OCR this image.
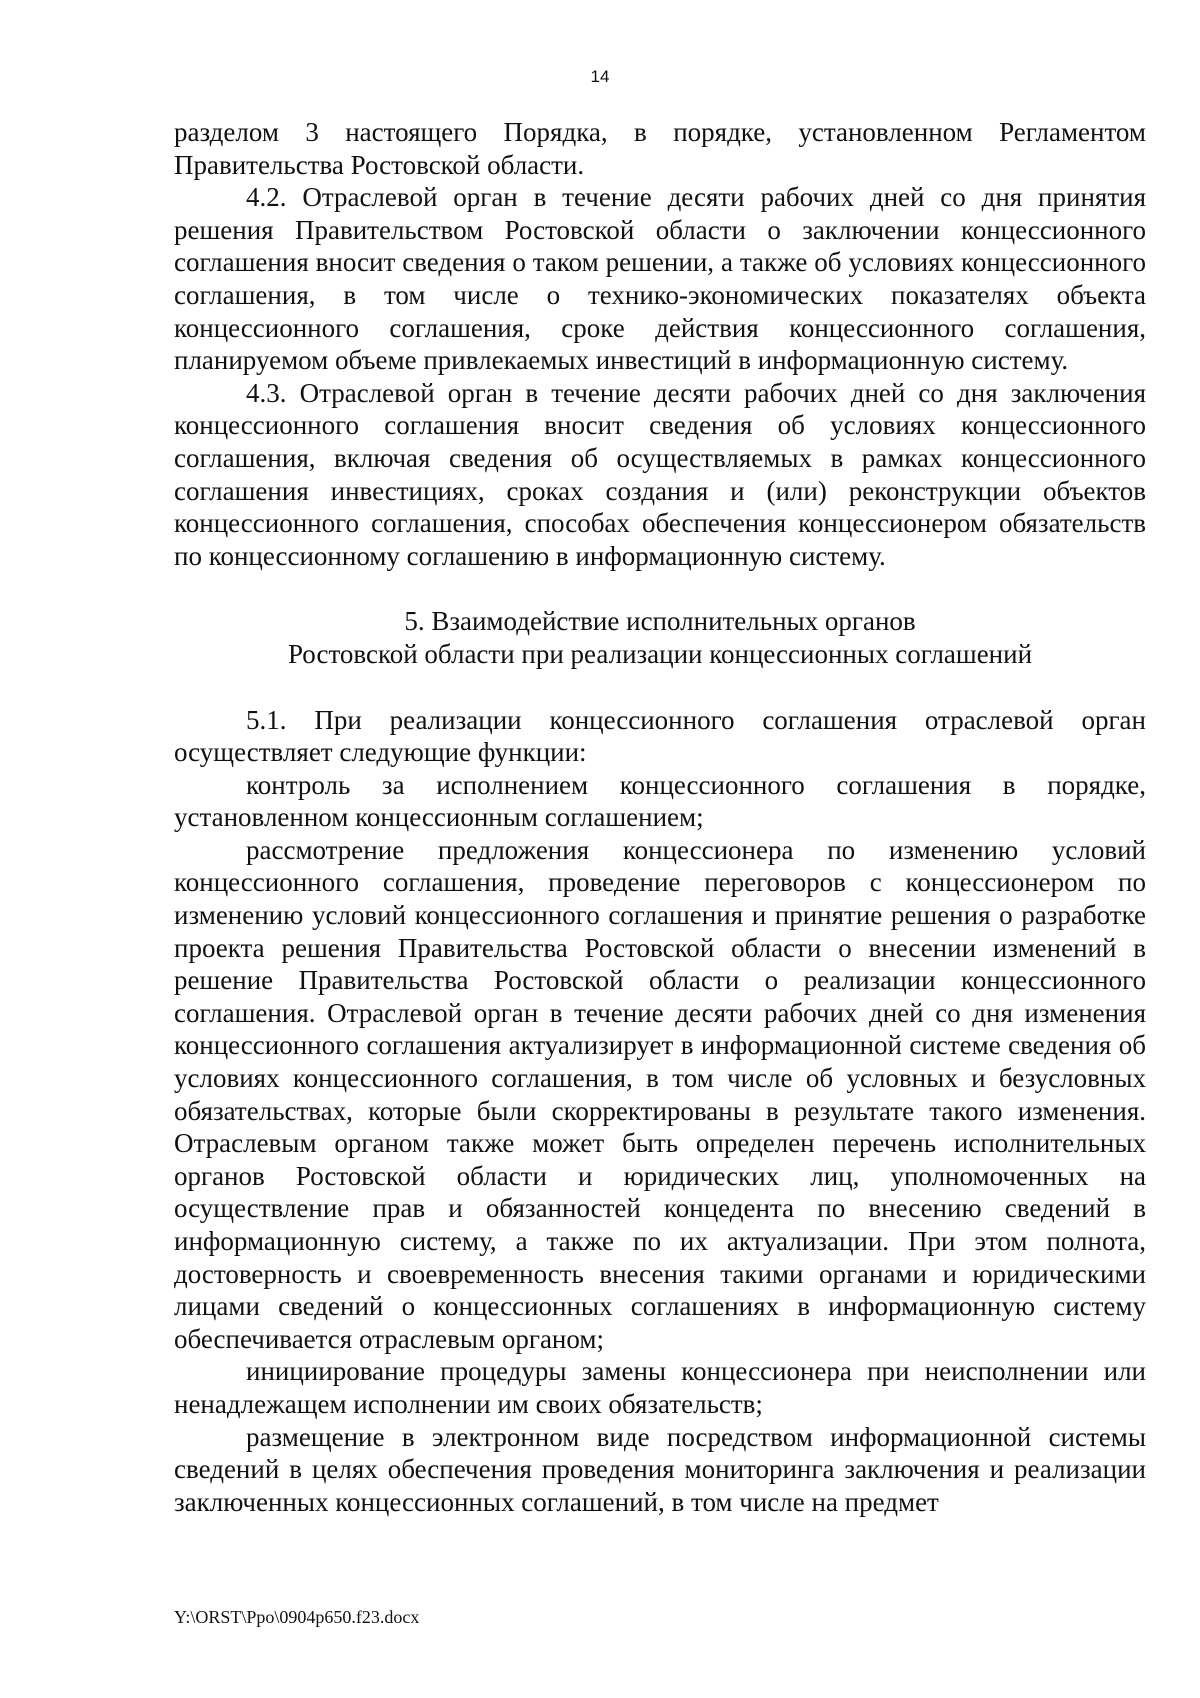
14

разделом 3 настоящего Порядка, в порядке, установленном Регламентом Правительства Ростовской области.

4.2. Отраслевой орган в течение десяти рабочих дней со дня принятия решения Правительством Ростовской области о заключении концессионного соглашения вносит сведения о таком решении, а также об условиях концессионного соглашения, в том числе о технико-экономических показателях объекта концессионного соглашения, сроке действия концессионного соглашения, планируемом объеме привлекаемых инвестиций в информационную систему.

4.3. Отраслевой орган в течение десяти рабочих дней со дня заключения концессионного соглашения вносит сведения об условиях концессионного соглашения, включая сведения об осуществляемых в рамках концессионного соглашения инвестициях, сроках создания и (или) реконструкции объектов концессионного соглашения, способах обеспечения концессионером обязательств по концессионному соглашению в информационную систему.

5. Взаимодействие исполнительных органов
Ростовской области при реализации концессионных соглашений

5.1. При реализации концессионного соглашения отраслевой орган осуществляет следующие функции:

контроль за исполнением концессионного соглашения в порядке, установленном концессионным соглашением;

рассмотрение предложения концессионера по изменению условий концессионного соглашения, проведение переговоров с концессионером по изменению условий концессионного соглашения и принятие решения о разработке проекта решения Правительства Ростовской области о внесении изменений в решение Правительства Ростовской области о реализации концессионного соглашения. Отраслевой орган в течение десяти рабочих дней со дня изменения концессионного соглашения актуализирует в информационной системе сведения об условиях концессионного соглашения, в том числе об условных и безусловных обязательствах, которые были скорректированы в результате такого изменения. Отраслевым органом также может быть определен перечень исполнительных органов Ростовской области и юридических лиц, уполномоченных на осуществление прав и обязанностей концедента по внесению сведений в информационную систему, а также по их актуализации. При этом полнота, достоверность и своевременность внесения такими органами и юридическими лицами сведений о концессионных соглашениях в информационную систему обеспечивается отраслевым органом;

инициирование процедуры замены концессионера при неисполнении или ненадлежащем исполнении им своих обязательств;

размещение в электронном виде посредством информационной системы сведений в целях обеспечения проведения мониторинга заключения и реализации заключенных концессионных соглашений, в том числе на предмет

Y:\ORST\Ppo\0904p650.f23.docx
